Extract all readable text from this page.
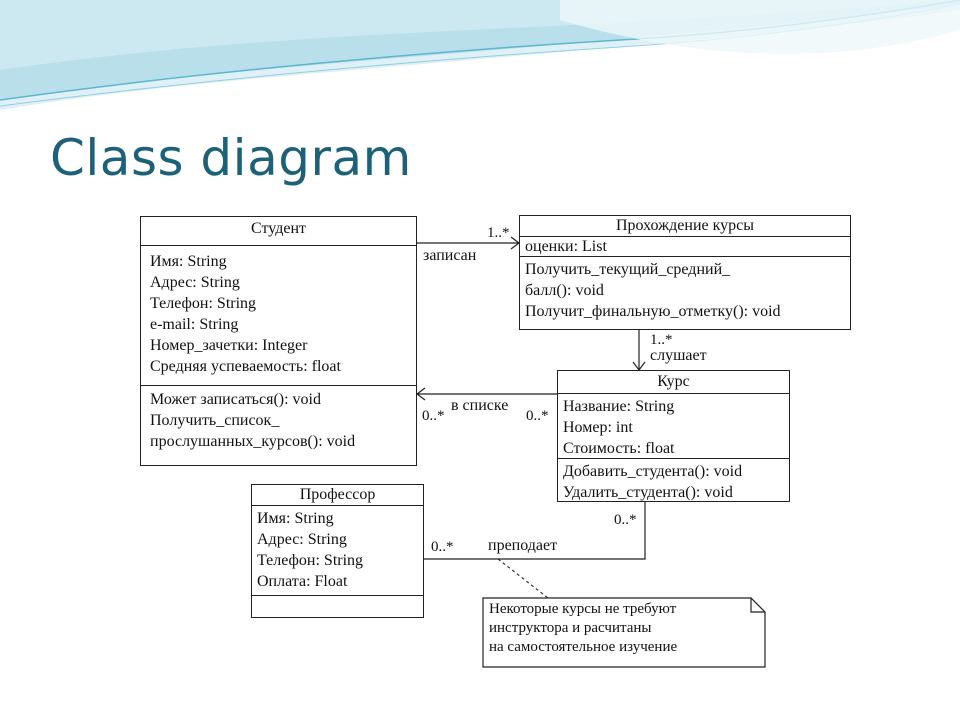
Class diagram
Студент
Имя: String
Адрес: String
Телефон: String
e-mail: String
Номер_зачетки: Integer
Средняя успеваемость: float
Может записаться(): void
Получить_список_
прослушанных_курсов(): void
Прохождение курсы
оценки: List
Получить_текущий_средний_
балл(): void
Получит_финальную_отметку(): void
Курс
Название: String
Номер: int
Стоимость: float
Добавить_студента(): void
Удалить_студента(): void
Профессор
Имя: String
Адрес: String
Телефон: String
Оплата: Float
1..*
записан
1..*
слушает
0..*
в списке
0..*
0..*
0..* преподает
Некоторые курсы не требуют
инструктора и расчитаны
на самостоятельное изучение
